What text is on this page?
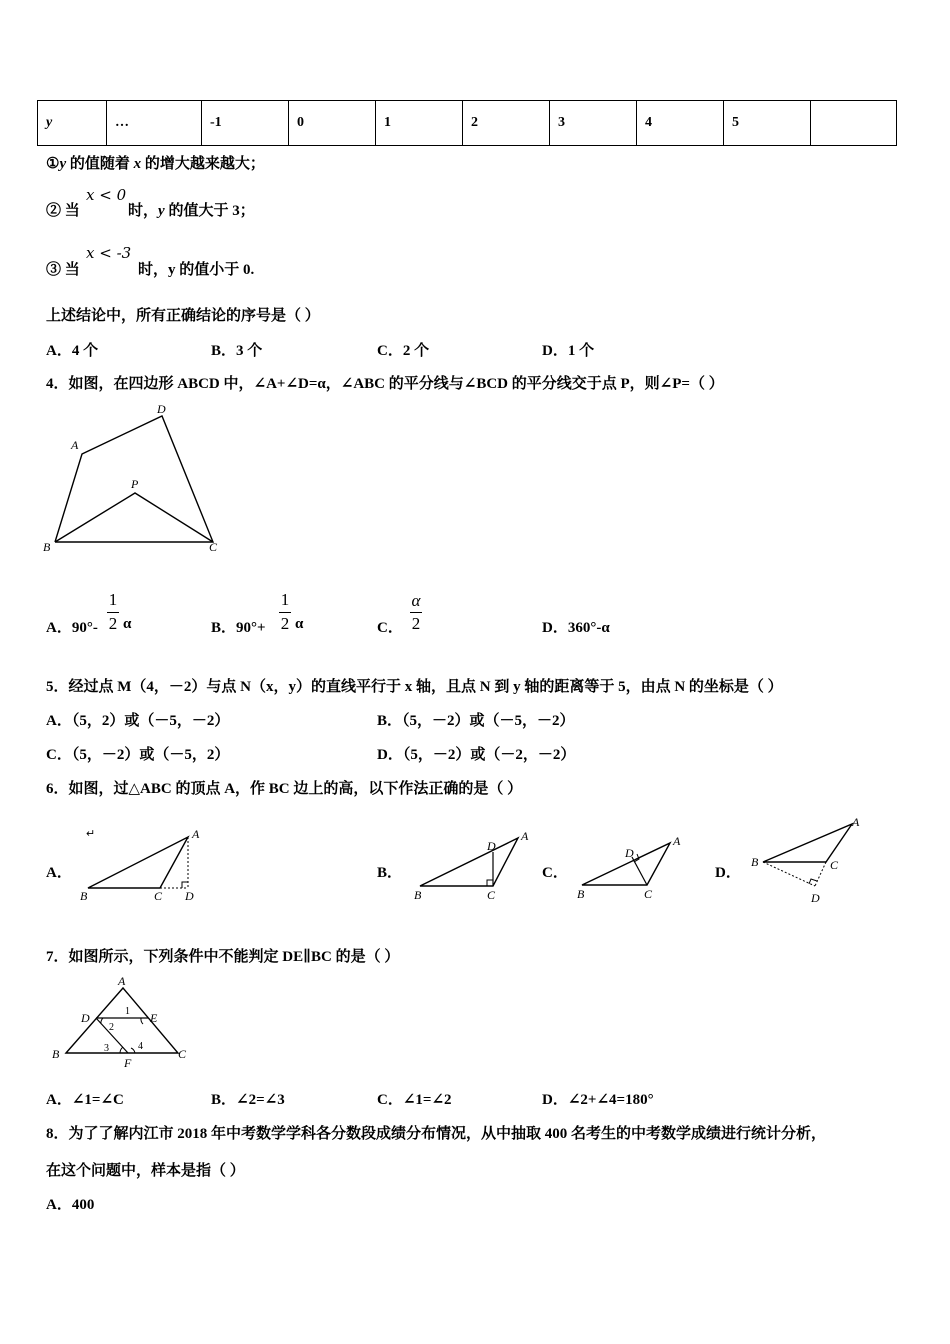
y	…	-1	0	1	2	3	4	5	
①y 的值随着 x 的增大越来越大；
② 当
x < 0
时，y 的值大于 3；
③ 当
x < -3
时，y 的值小于 0.
上述结论中，所有正确结论的序号是（ ）
A．4 个	B．3 个	C．2 个	D．1 个
4．如图，在四边形 ABCD 中，∠A+∠D=α，∠ABC 的平分线与∠BCD 的平分线交于点 P，则∠P=（ ）
A
D
P
B	C
A．90°-
1
2 α	B．90°+
1
2 α	C．
α
2	D．360°-α
5．经过点 M（4，－2）与点 N（x，y）的直线平行于 x 轴，且点 N 到 y 轴的距离等于 5，由点 N 的坐标是（ ）
A．（5，2）或（－5，－2）	B．（5，－2）或（－5，－2）
C．（5，－2）或（－5，2）	D．（5，－2）或（－2，－2）
6．如图，过△ABC 的顶点 A，作 BC 边上的高，以下作法正确的是（ ）
A．
↵	A
B	C D
B．
A
B	C
D
C．
A
B	C
D
D．
A
B	C
D
7．如图所示，下列条件中不能判定 DE∥BC 的是（ ）
A
D	E
B	C
F
1
2
3	4
A．∠1=∠C	B．∠2=∠3	C．∠1=∠2	D．∠2+∠4=180°
8．为了了解内江市 2018 年中考数学学科各分数段成绩分布情况，从中抽取 400 名考生的中考数学成绩进行统计分析，
在这个问题中，样本是指（ ）
A．400
